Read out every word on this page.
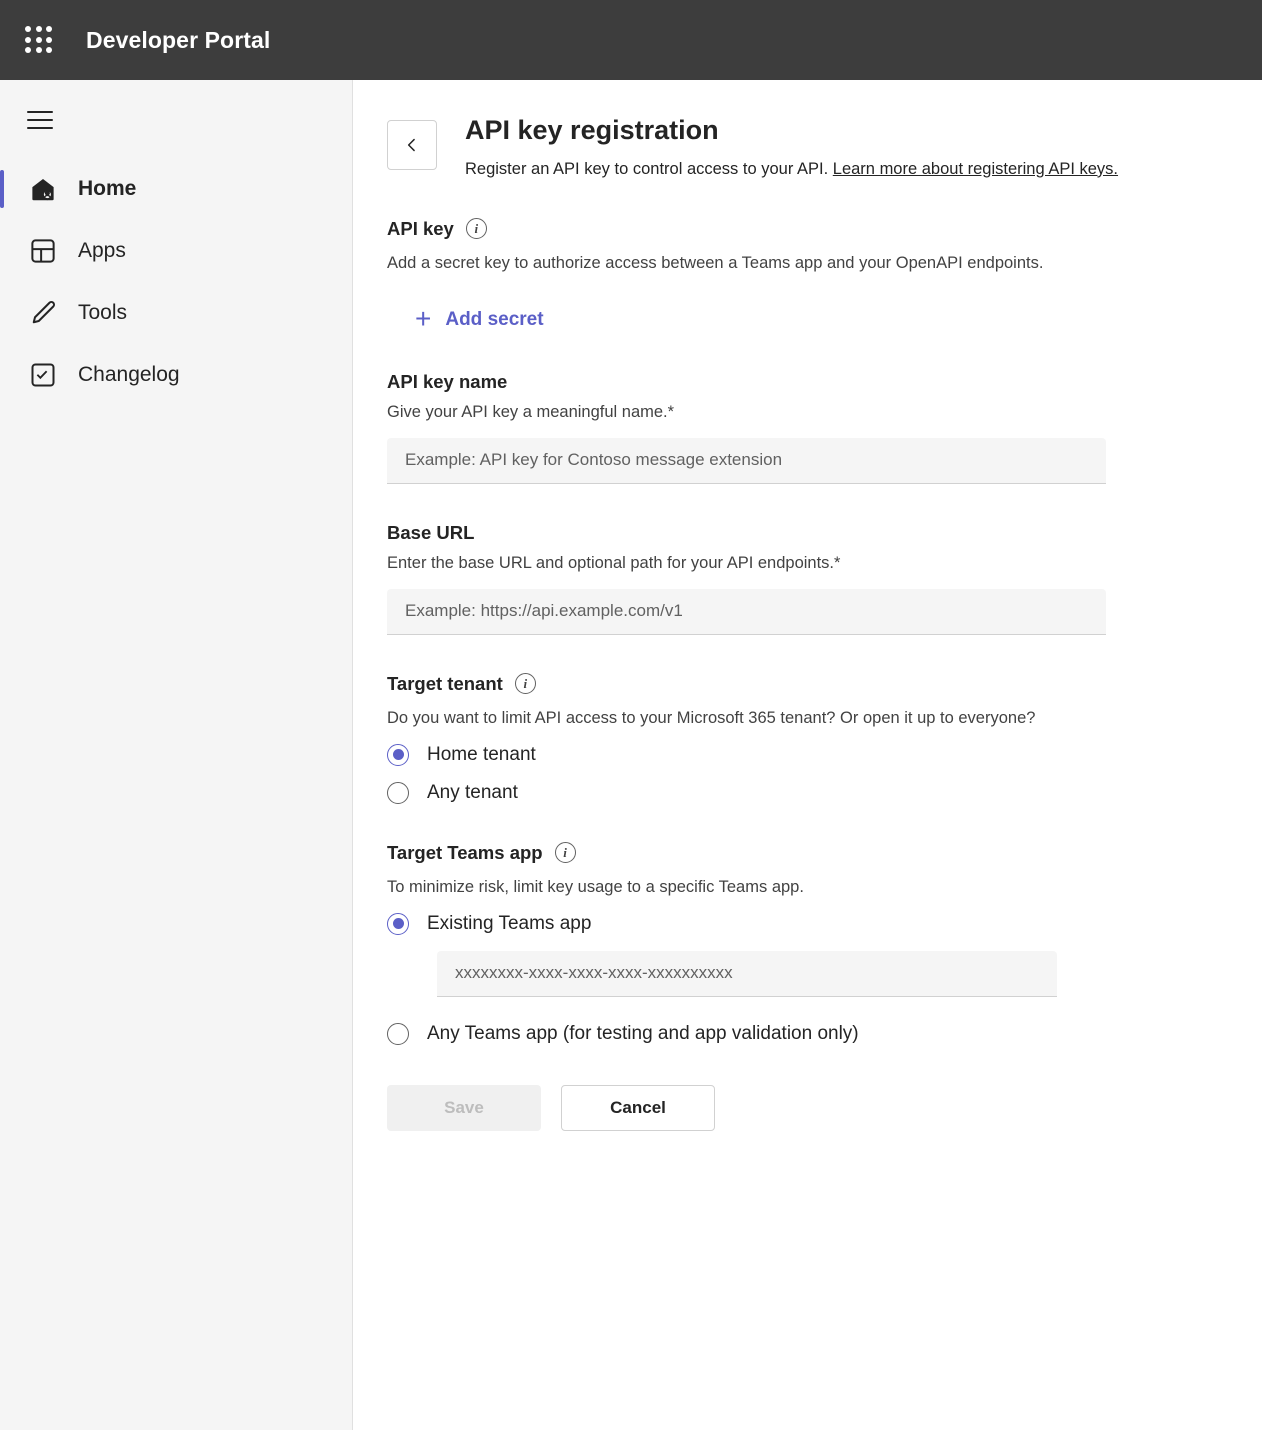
Developer Portal
Home
Apps
Tools
Changelog
API key registration
Register an API key to control access to your API. Learn more about registering API keys.
API key	i
Add a secret key to authorize access between a Teams app and your OpenAPI endpoints.
+ Add secret
API key name
Give your API key a meaningful name.*
Example: API key for Contoso message extension
Base URL
Enter the base URL and optional path for your API endpoints.*
Example: https://api.example.com/v1
Target tenant	i
Do you want to limit API access to your Microsoft 365 tenant? Or open it up to everyone?
Home tenant
Any tenant
Target Teams app	i
To minimize risk, limit key usage to a specific Teams app.
Existing Teams app
xxxxxxxx-xxxx-xxxx-xxxx-xxxxxxxxxx
Any Teams app (for testing and app validation only)
Save	Cancel
